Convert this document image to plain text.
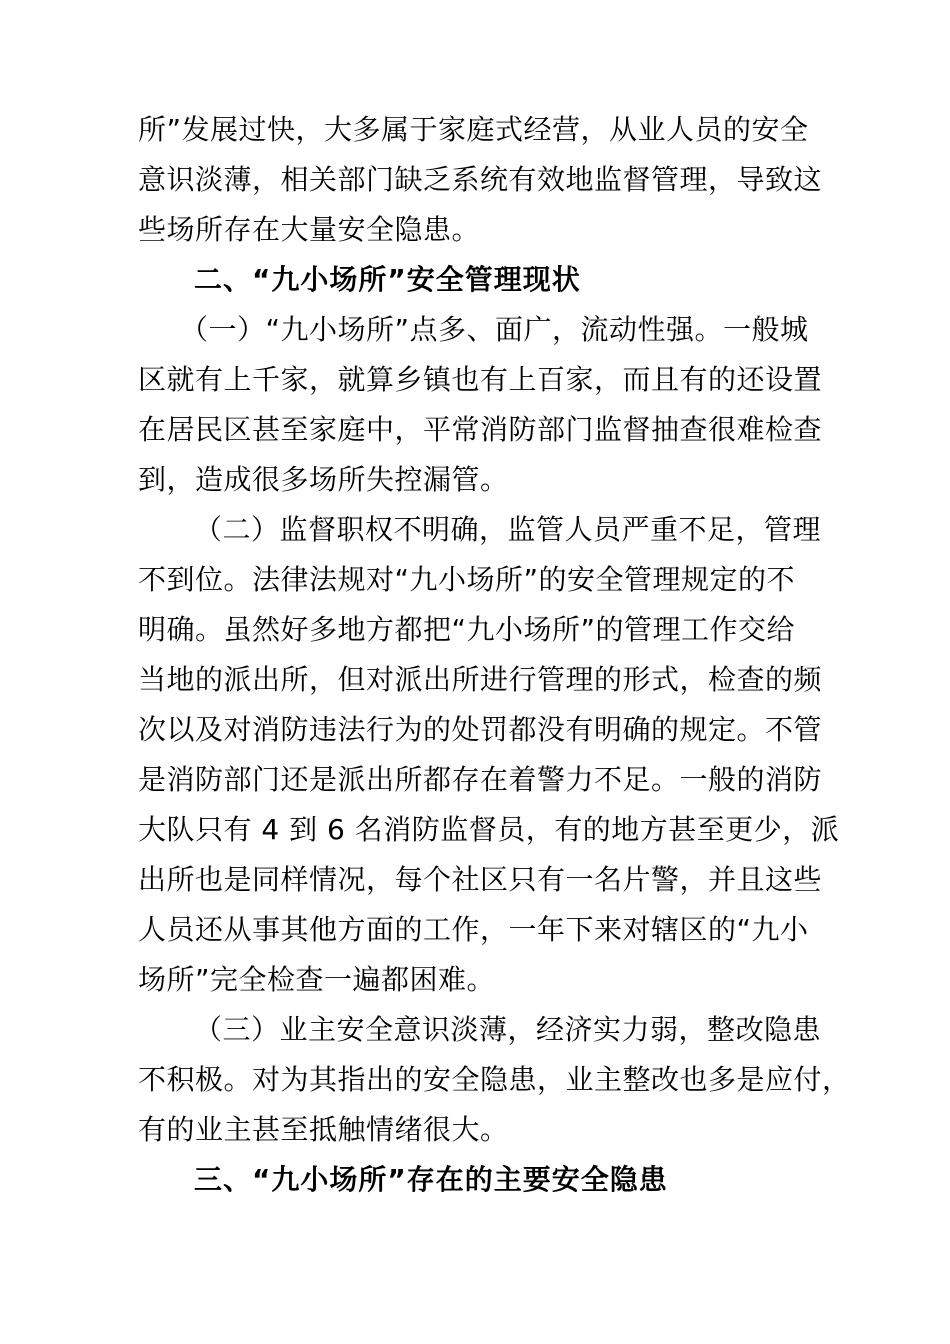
所”发展过快，大多属于家庭式经营，从业人员的安全
意识淡薄，相关部门缺乏系统有效地监督管理，导致这
些场所存在大量安全隐患。
二、“九小场所”安全管理现状
（一）“九小场所”点多、面广，流动性强。一般城
区就有上千家，就算乡镇也有上百家，而且有的还设置
在居民区甚至家庭中，平常消防部门监督抽查很难检查
到，造成很多场所失控漏管。
（二）监督职权不明确，监管人员严重不足，管理
不到位。法律法规对“九小场所”的安全管理规定的不
明确。虽然好多地方都把“九小场所”的管理工作交给
当地的派出所，但对派出所进行管理的形式，检查的频
次以及对消防违法行为的处罚都没有明确的规定。不管
是消防部门还是派出所都存在着警力不足。一般的消防
大队只有 4 到 6 名消防监督员，有的地方甚至更少，派
出所也是同样情况，每个社区只有一名片警，并且这些
人员还从事其他方面的工作，一年下来对辖区的“九小
场所”完全检查一遍都困难。
（三）业主安全意识淡薄，经济实力弱，整改隐患
不积极。对为其指出的安全隐患，业主整改也多是应付，
有的业主甚至抵触情绪很大。
三、“九小场所”存在的主要安全隐患
